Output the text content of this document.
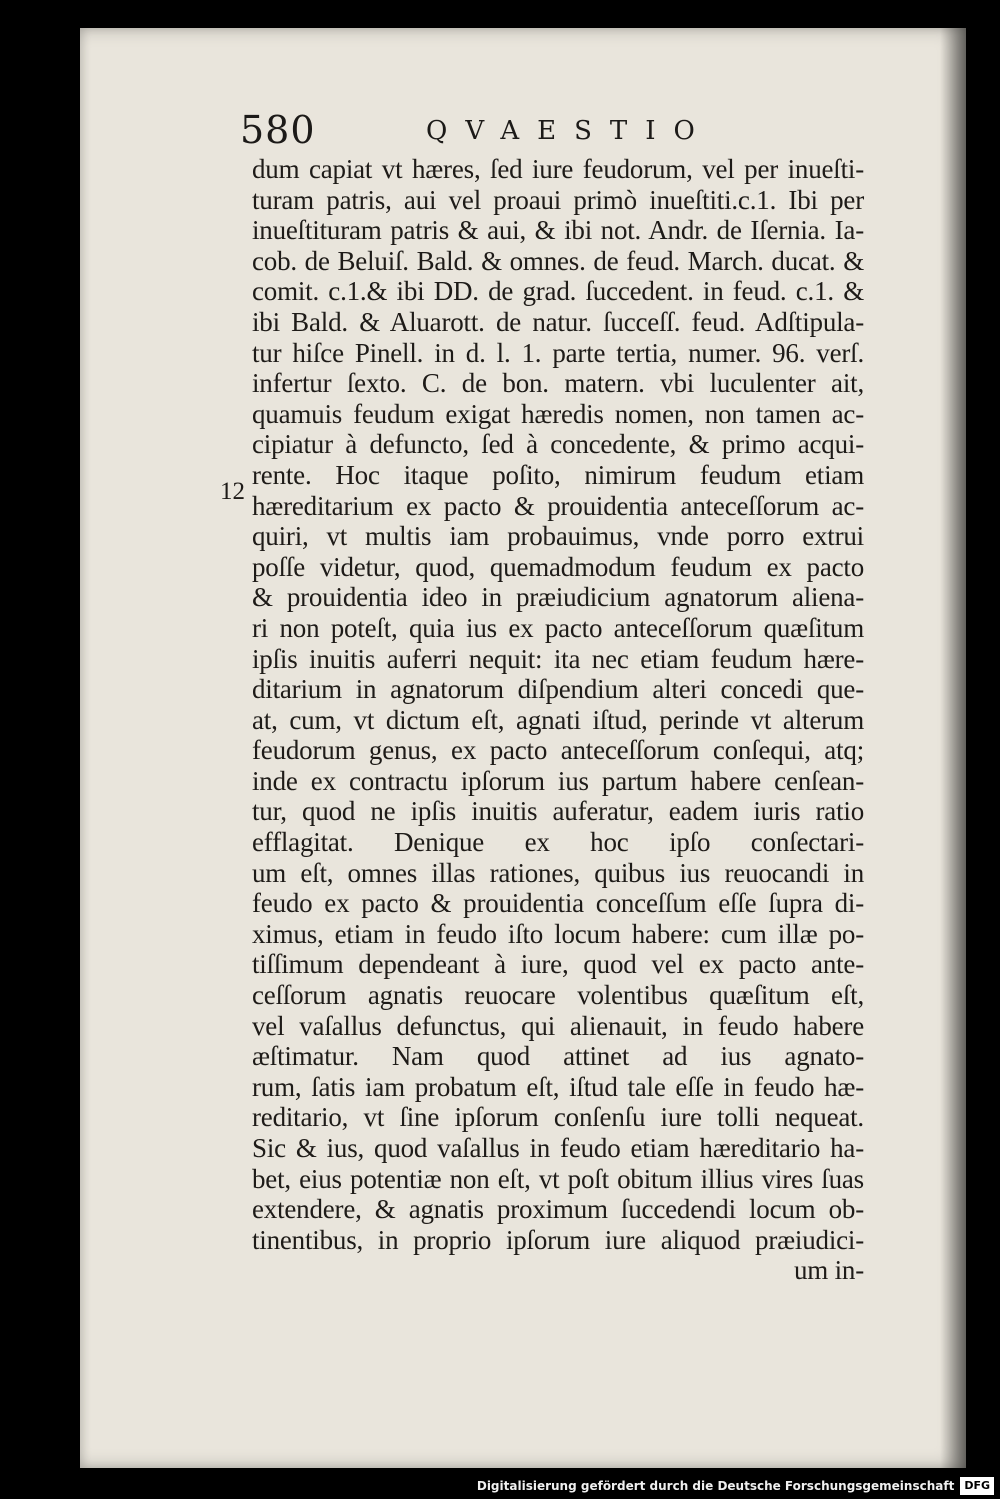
580	QVAESTIO
12
dum capiat vt hæres, ſed iure feudorum, vel per inueſti-
turam patris, aui vel proaui primò inueſtiti.c.1. Ibi per
inueſtituram patris & aui, & ibi not. Andr. de Iſernia. Ia-
cob. de Beluiſ. Bald. & omnes. de feud. March. ducat. &
comit. c.1.& ibi DD. de grad. ſuccedent. in feud. c.1. &
ibi Bald. & Aluarott. de natur. ſucceſſ. feud. Adſtipula-
tur hiſce Pinell. in d. l. 1. parte tertia, numer. 96. verſ.
infertur ſexto. C. de bon. matern. vbi luculenter ait,
quamuis feudum exigat hæredis nomen, non tamen ac-
cipiatur à defuncto, ſed à concedente, & primo acqui-
rente. Hoc itaque poſito, nimirum feudum etiam
hæreditarium ex pacto & prouidentia anteceſſorum ac-
quiri, vt multis iam probauimus, vnde porro extrui
poſſe videtur, quod, quemadmodum feudum ex pacto
& prouidentia ideo in præiudicium agnatorum aliena-
ri non poteſt, quia ius ex pacto anteceſſorum quæſitum
ipſis inuitis auferri nequit: ita nec etiam feudum hære-
ditarium in agnatorum diſpendium alteri concedi que-
at, cum, vt dictum eſt, agnati iſtud, perinde vt alterum
feudorum genus, ex pacto anteceſſorum conſequi, atq;
inde ex contractu ipſorum ius partum habere cenſean-
tur, quod ne ipſis inuitis auferatur, eadem iuris ratio
efflagitat. Denique ex hoc ipſo conſectari-
um eſt, omnes illas rationes, quibus ius reuocandi in
feudo ex pacto & prouidentia conceſſum eſſe ſupra di-
ximus, etiam in feudo iſto locum habere: cum illæ po-
tiſſimum dependeant à iure, quod vel ex pacto ante-
ceſſorum agnatis reuocare volentibus quæſitum eſt,
vel vaſallus defunctus, qui alienauit, in feudo habere
æſtimatur. Nam quod attinet ad ius agnato-
rum, ſatis iam probatum eſt, iſtud tale eſſe in feudo hæ-
reditario, vt ſine ipſorum conſenſu iure tolli nequeat.
Sic & ius, quod vaſallus in feudo etiam hæreditario ha-
bet, eius potentiæ non eſt, vt poſt obitum illius vires ſuas
extendere, & agnatis proximum ſuccedendi locum ob-
tinentibus, in proprio ipſorum iure aliquod præiudici-
um in-
Digitalisierung gefördert durch die Deutsche Forschungsgemeinschaft DFG
